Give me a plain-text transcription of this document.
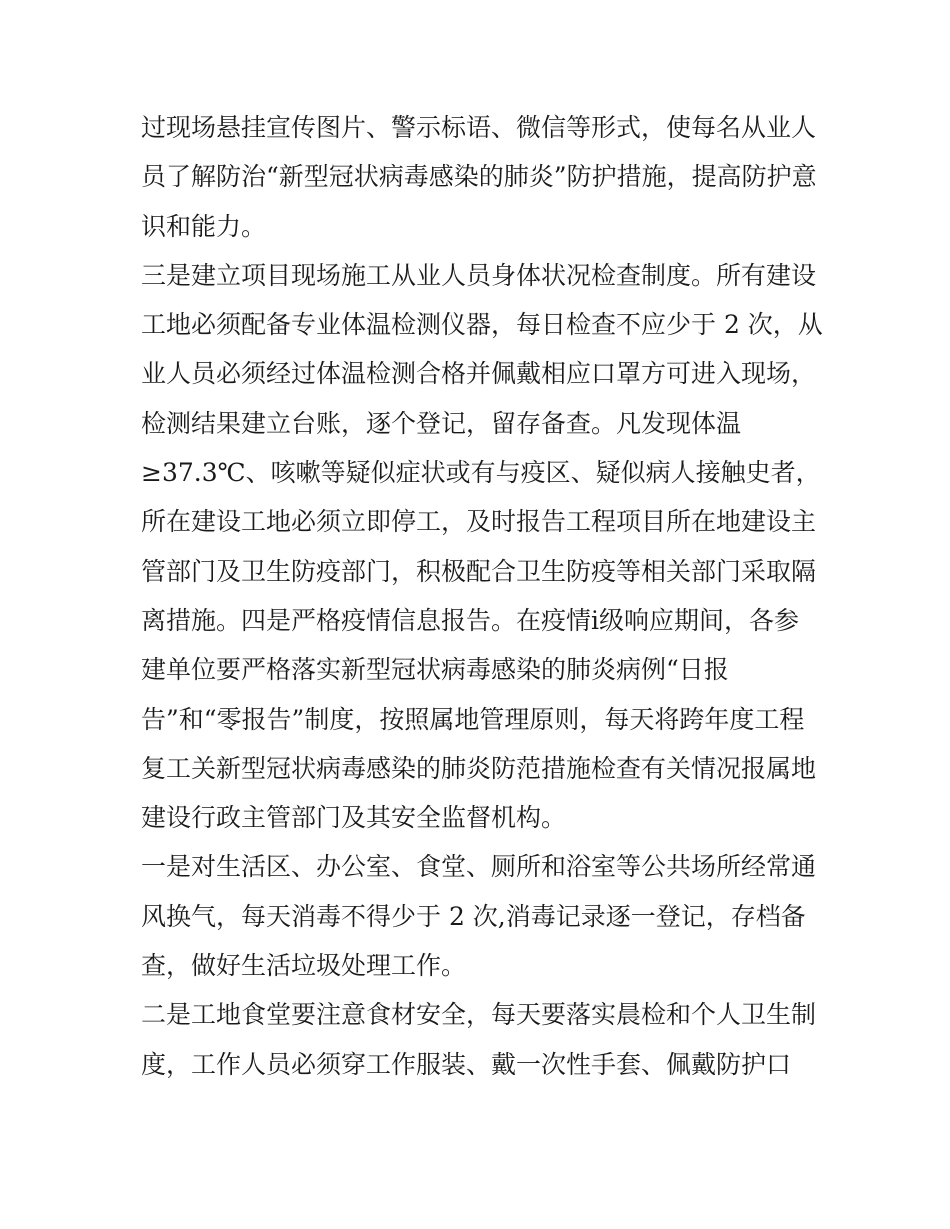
过现场悬挂宣传图片、警示标语、微信等形式，使每名从业人
员了解防治“新型冠状病毒感染的肺炎”防护措施，提高防护意
识和能力。
三是建立项目现场施工从业人员身体状况检查制度。所有建设
工地必须配备专业体温检测仪器，每日检查不应少于 2 次，从
业人员必须经过体温检测合格并佩戴相应口罩方可进入现场，
检测结果建立台账，逐个登记，留存备查。凡发现体温
≥37.3℃、咳嗽等疑似症状或有与疫区、疑似病人接触史者，
所在建设工地必须立即停工，及时报告工程项目所在地建设主
管部门及卫生防疫部门，积极配合卫生防疫等相关部门采取隔
离措施。四是严格疫情信息报告。在疫情ⅰ级响应期间，各参
建单位要严格落实新型冠状病毒感染的肺炎病例“日报
告”和“零报告”制度，按照属地管理原则，每天将跨年度工程
复工关新型冠状病毒感染的肺炎防范措施检查有关情况报属地
建设行政主管部门及其安全监督机构。
一是对生活区、办公室、食堂、厕所和浴室等公共场所经常通
风换气，每天消毒不得少于 2 次,消毒记录逐一登记，存档备
查，做好生活垃圾处理工作。
二是工地食堂要注意食材安全，每天要落实晨检和个人卫生制
度，工作人员必须穿工作服装、戴一次性手套、佩戴防护口
